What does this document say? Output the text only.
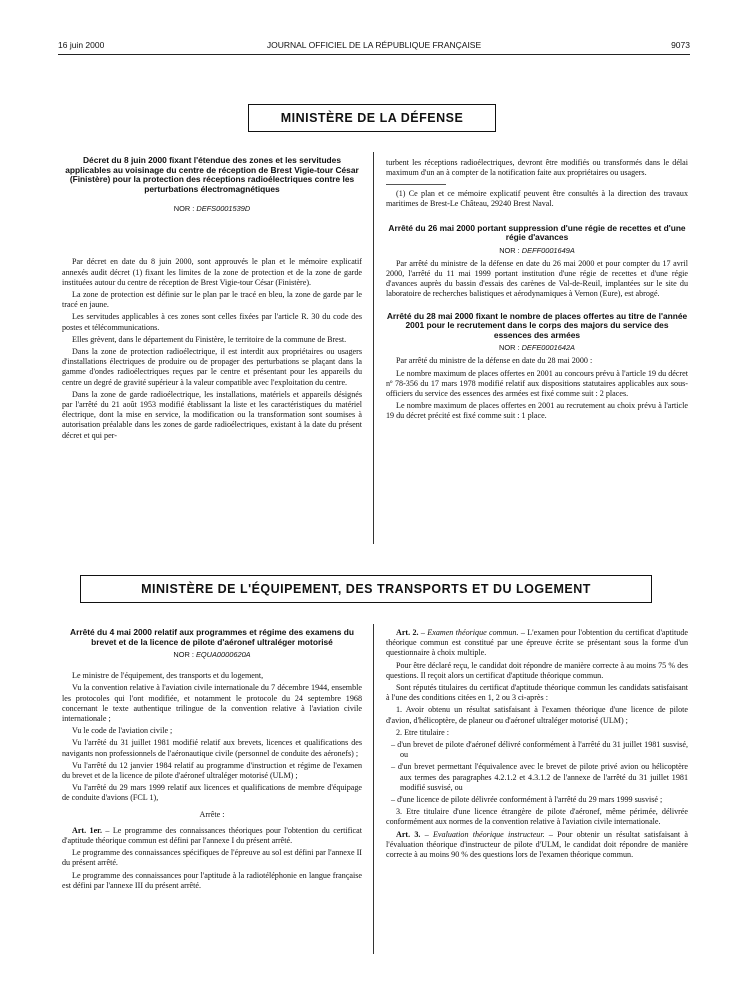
16 juin 2000	JOURNAL OFFICIEL DE LA RÉPUBLIQUE FRANÇAISE	9073
MINISTÈRE DE LA DÉFENSE
Décret du 8 juin 2000 fixant l'étendue des zones et les servitudes applicables au voisinage du centre de réception de Brest Vigie-tour César (Finistère) pour la protection des réceptions radioélectriques contre les perturbations électromagnétiques
NOR : DEFS0001539D

Par décret en date du 8 juin 2000, sont approuvés le plan et le mémoire explicatif annexés audit décret (1) fixant les limites de la zone de protection et de la zone de garde instituées autour du centre de réception de Brest Vigie-tour César (Finistère).

La zone de protection est définie sur le plan par le tracé en bleu, la zone de garde par le tracé en jaune.

Les servitudes applicables à ces zones sont celles fixées par l'article R. 30 du code des postes et télécommunications.

Elles grèvent, dans le département du Finistère, le territoire de la commune de Brest.

Dans la zone de protection radioélectrique, il est interdit aux propriétaires ou usagers d'installations électriques de produire ou de propager des perturbations se plaçant dans la gamme d'ondes radioélectriques reçues par le centre et présentant pour les appareils du centre un degré de gravité supérieur à la valeur compatible avec l'exploitation du centre.

Dans la zone de garde radioélectrique, les installations, matériels et appareils désignés par l'arrêté du 21 août 1953 modifié établissant la liste et les caractéristiques du matériel électrique, dont la mise en service, la modification ou la transformation sont soumises à autorisation préalable dans les zones de garde radioélectriques, existant à la date du présent décret et qui per-

turbent les réceptions radioélectriques, devront être modifiés ou transformés dans le délai maximum d'un an à compter de la notification faite aux propriétaires ou usagers.

(1) Ce plan et ce mémoire explicatif peuvent être consultés à la direction des travaux maritimes de Brest-Le Château, 29240 Brest Naval.

Arrêté du 26 mai 2000 portant suppression d'une régie de recettes et d'une régie d'avances
NOR : DEFF0001649A

Par arrêté du ministre de la défense en date du 26 mai 2000 et pour compter du 17 avril 2000, l'arrêté du 11 mai 1999 portant institution d'une régie de recettes et d'une régie d'avances auprès du bassin d'essais des carènes de Val-de-Reuil, implantées sur le site du laboratoire de recherches balistiques et aérodynamiques à Vernon (Eure), est abrogé.

Arrêté du 28 mai 2000 fixant le nombre de places offertes au titre de l'année 2001 pour le recrutement dans le corps des majors du service des essences des armées
NOR : DEFE0001642A

Par arrêté du ministre de la défense en date du 28 mai 2000 :

Le nombre maximum de places offertes en 2001 au concours prévu à l'article 19 du décret nº 78-356 du 17 mars 1978 modifié relatif aux dispositions statutaires applicables aux sous-officiers du service des essences des armées est fixé comme suit : 2 places.

Le nombre maximum de places offertes en 2001 au recrutement au choix prévu à l'article 19 du décret précité est fixé comme suit : 1 place.

MINISTÈRE DE L'ÉQUIPEMENT, DES TRANSPORTS ET DU LOGEMENT
Arrêté du 4 mai 2000 relatif aux programmes et régime des examens du brevet et de la licence de pilote d'aéronef ultraléger motorisé
NOR : EQUA0000620A

Le ministre de l'équipement, des transports et du logement,

Vu la convention relative à l'aviation civile internationale du 7 décembre 1944, ensemble les protocoles qui l'ont modifiée, et notamment le protocole du 24 septembre 1968 concernant le texte authentique trilingue de la convention relative à l'aviation civile internationale ;

Vu le code de l'aviation civile ;

Vu l'arrêté du 31 juillet 1981 modifié relatif aux brevets, licences et qualifications des navigants non professionnels de l'aéronautique civile (personnel de conduite des aéronefs) ;

Vu l'arrêté du 12 janvier 1984 relatif au programme d'instruction et régime de l'examen du brevet et de la licence de pilote d'aéronef ultraléger motorisé (ULM) ;

Vu l'arrêté du 29 mars 1999 relatif aux licences et qualifications de membre d'équipage de conduite d'avions (FCL 1),

Arrête :

Art. 1er. – Le programme des connaissances théoriques pour l'obtention du certificat d'aptitude théorique commun est défini par l'annexe I du présent arrêté.

Le programme des connaissances spécifiques de l'épreuve au sol est défini par l'annexe II du présent arrêté.

Le programme des connaissances pour l'aptitude à la radiotéléphonie en langue française est défini par l'annexe III du présent arrêté.

Art. 2. – Examen théorique commun. – L'examen pour l'obtention du certificat d'aptitude théorique commun est constitué par une épreuve écrite se présentant sous la forme d'un questionnaire à choix multiple.

Pour être déclaré reçu, le candidat doit répondre de manière correcte à au moins 75 % des questions. Il reçoit alors un certificat d'aptitude théorique commun.

Sont réputés titulaires du certificat d'aptitude théorique commun les candidats satisfaisant à l'une des conditions citées en 1, 2 ou 3 ci-après :

1. Avoir obtenu un résultat satisfaisant à l'examen théorique d'une licence de pilote d'avion, d'hélicoptère, de planeur ou d'aéronef ultraléger motorisé (ULM) ;

2. Etre titulaire :

– d'un brevet de pilote d'aéronef délivré conformément à l'arrêté du 31 juillet 1981 susvisé, ou

– d'un brevet permettant l'équivalence avec le brevet de pilote privé avion ou hélicoptère aux termes des paragraphes 4.2.1.2 et 4.3.1.2 de l'annexe de l'arrêté du 31 juillet 1981 modifié susvisé, ou

– d'une licence de pilote délivrée conformément à l'arrêté du 29 mars 1999 susvisé ;

3. Etre titulaire d'une licence étrangère de pilote d'aéronef, même périmée, délivrée conformément aux normes de la convention relative à l'aviation civile internationale.

Art. 3. – Evaluation théorique instructeur. – Pour obtenir un résultat satisfaisant à l'évaluation théorique d'instructeur de pilote d'ULM, le candidat doit répondre de manière correcte à au moins 90 % des questions lors de l'examen théorique commun.
